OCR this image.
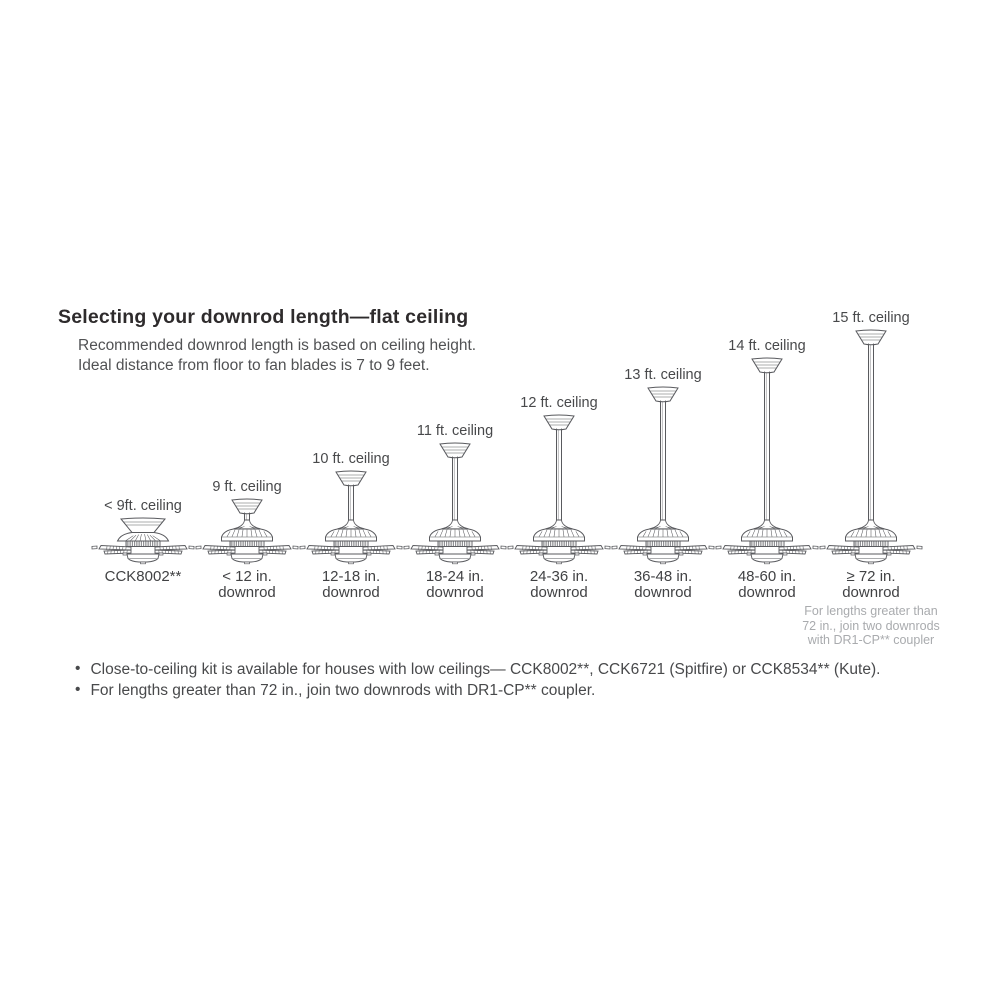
Selecting your downrod length—flat ceiling
Recommended downrod length is based on ceiling height.
Ideal distance from floor to fan blades is 7 to 9 feet.
< 9ft. ceiling
CCK8002**

9 ft. ceiling
< 12 in.
downrod
10 ft. ceiling
12-18 in.
downrod
11 ft. ceiling
18-24 in.
downrod
12 ft. ceiling
24-36 in.
downrod
13 ft. ceiling
36-48 in.
downrod
14 ft. ceiling
48-60 in.
downrod
15 ft. ceiling
≥ 72 in.
downrod
For lengths greater than
72 in., join two downrods
with DR1-CP** coupler
• Close-to-ceiling kit is available for houses with low ceilings— CCK8002**, CCK6721 (Spitfire) or CCK8534** (Kute).
• For lengths greater than 72 in., join two downrods with DR1-CP** coupler.
